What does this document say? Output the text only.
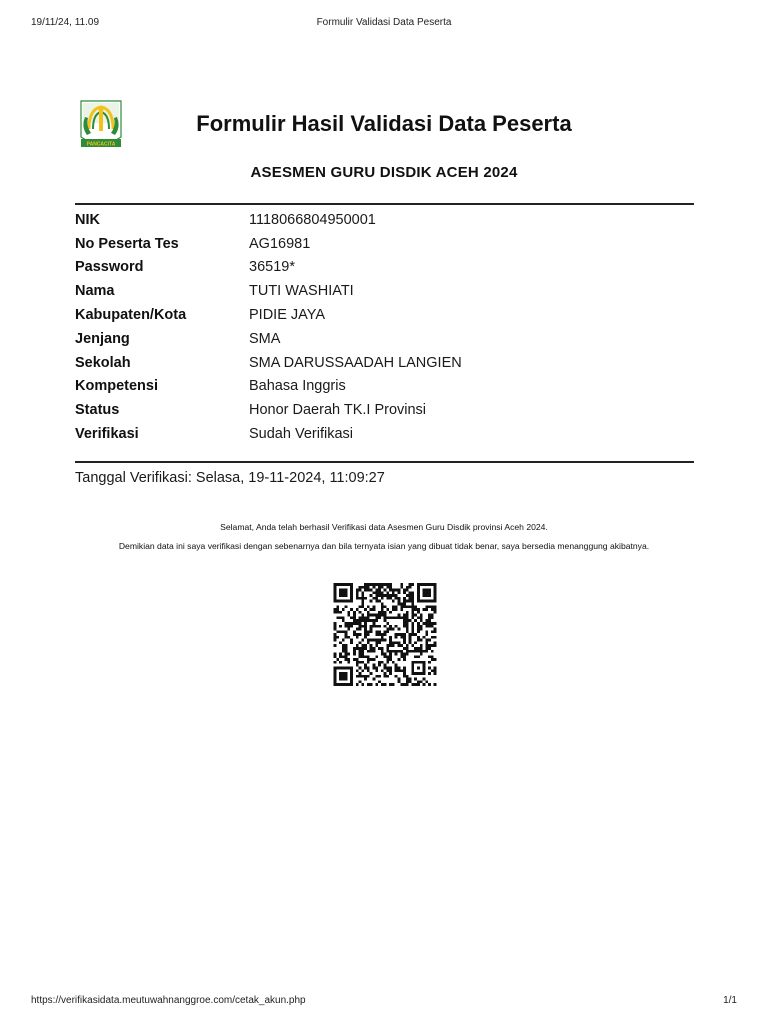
19/11/24, 11.09	Formulir Validasi Data Peserta
PANCACITA
Formulir Hasil Validasi Data Peserta
ASESMEN GURU DISDIK ACEH 2024
NIK	1118066804950001
No Peserta Tes	AG16981
Password	36519*
Nama	TUTI WASHIATI
Kabupaten/Kota	PIDIE JAYA
Jenjang	SMA
Sekolah	SMA DARUSSAADAH LANGIEN
Kompetensi	Bahasa Inggris
Status	Honor Daerah TK.I Provinsi
Verifikasi	Sudah Verifikasi
Tanggal Verifikasi: Selasa, 19-11-2024, 11:09:27
Selamat, Anda telah berhasil Verifikasi data Asesmen Guru Disdik provinsi Aceh 2024.
Demikian data ini saya verifikasi dengan sebenarnya dan bila ternyata isian yang dibuat tidak benar, saya bersedia menanggung akibatnya.
https://verifikasidata.meutuwahnanggroe.com/cetak_akun.php	1/1
